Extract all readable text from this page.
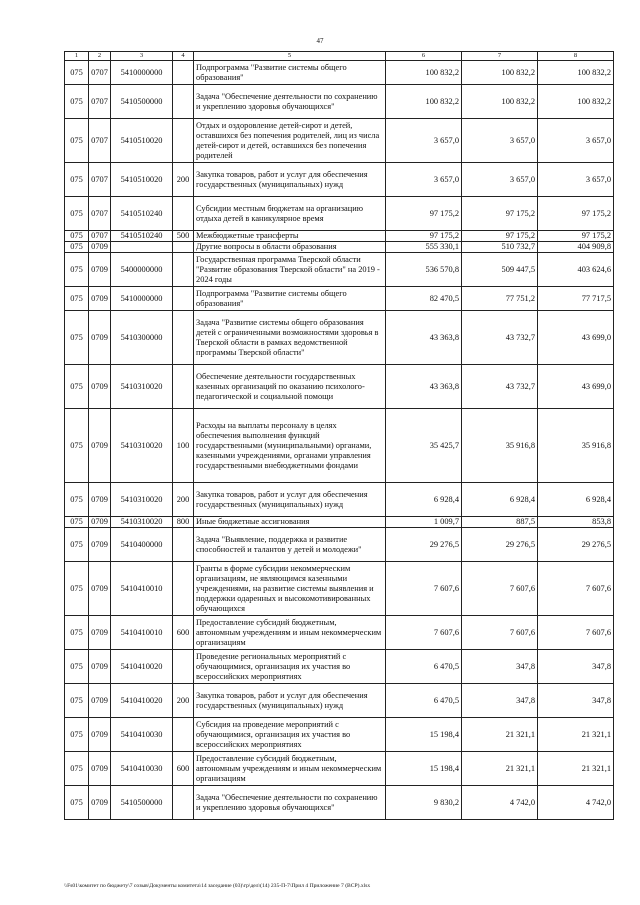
47
1	2	3	4	5	6	7	8
075	0707	5410000000		Подпрограмма "Развитие системы общего образования"	100 832,2	100 832,2	100 832,2
075	0707	5410500000		Задача "Обеспечение деятельности по сохранению и укреплению здоровья обучающихся"	100 832,2	100 832,2	100 832,2
075	0707	5410510020		Отдых и оздоровление детей-сирот и детей, оставшихся без попечения родителей, лиц из числа детей-сирот и детей, оставшихся без попечения родителей	3 657,0	3 657,0	3 657,0
075	0707	5410510020	200	Закупка товаров, работ и услуг для обеспечения государственных (муниципальных) нужд	3 657,0	3 657,0	3 657,0
075	0707	5410510240		Субсидии местным бюджетам на организацию отдыха детей в каникулярное время	97 175,2	97 175,2	97 175,2
075	0707	5410510240	500	Межбюджетные трансферты	97 175,2	97 175,2	97 175,2
075	0709			Другие вопросы в области образования	555 330,1	510 732,7	404 909,8
075	0709	5400000000		Государственная программа Тверской области "Развитие образования Тверской области" на 2019 - 2024 годы	536 570,8	509 447,5	403 624,6
075	0709	5410000000		Подпрограмма "Развитие системы общего образования"	82 470,5	77 751,2	77 717,5
075	0709	5410300000		Задача "Развитие системы общего образования детей с ограниченными возможностями здоровья в Тверской области в рамках ведомственной программы Тверской области"	43 363,8	43 732,7	43 699,0
075	0709	5410310020		Обеспечение деятельности государственных казенных организаций по оказанию психолого-педагогической и социальной помощи	43 363,8	43 732,7	43 699,0
075	0709	5410310020	100	Расходы на выплаты персоналу в целях обеспечения выполнения функций государственными (муниципальными) органами, казенными учреждениями, органами управления государственными внебюджетными фондами	35 425,7	35 916,8	35 916,8
075	0709	5410310020	200	Закупка товаров, работ и услуг для обеспечения государственных (муниципальных) нужд	6 928,4	6 928,4	6 928,4
075	0709	5410310020	800	Иные бюджетные ассигнования	1 009,7	887,5	853,8
075	0709	5410400000		Задача "Выявление, поддержка и развитие способностей и талантов у детей и молодежи"	29 276,5	29 276,5	29 276,5
075	0709	5410410010		Гранты в форме субсидии некоммерческим организациям, не являющимся казенными учреждениями, на развитие системы выявления и поддержки одаренных и высокомотивированных обучающихся	7 607,6	7 607,6	7 607,6
075	0709	5410410010	600	Предоставление субсидий бюджетным, автономным учреждениям и иным некоммерческим организациям	7 607,6	7 607,6	7 607,6
075	0709	5410410020		Проведение региональных мероприятий с обучающимися, организация их участия во всероссийских мероприятиях	6 470,5	347,8	347,8
075	0709	5410410020	200	Закупка товаров, работ и услуг для обеспечения государственных (муниципальных) нужд	6 470,5	347,8	347,8
075	0709	5410410030		Субсидия на проведение мероприятий с обучающимися, организация их участия во всероссийских мероприятиях	15 198,4	21 321,1	21 321,1
075	0709	5410410030	600	Предоставление субсидий бюджетным, автономным учреждениям и иным некоммерческим организациям	15 198,4	21 321,1	21 321,1
075	0709	5410500000		Задача "Обеспечение деятельности по сохранению и укреплению здоровья обучающихся"	9 830,2	4 742,0	4 742,0
\\Fs01\комитет по бюджету\7 созыв\Документы комитета\14 заседание (03)\гр\дел\(14) 235-П-7\Прил 4 Приложение 7 (ВСР).xlsx
